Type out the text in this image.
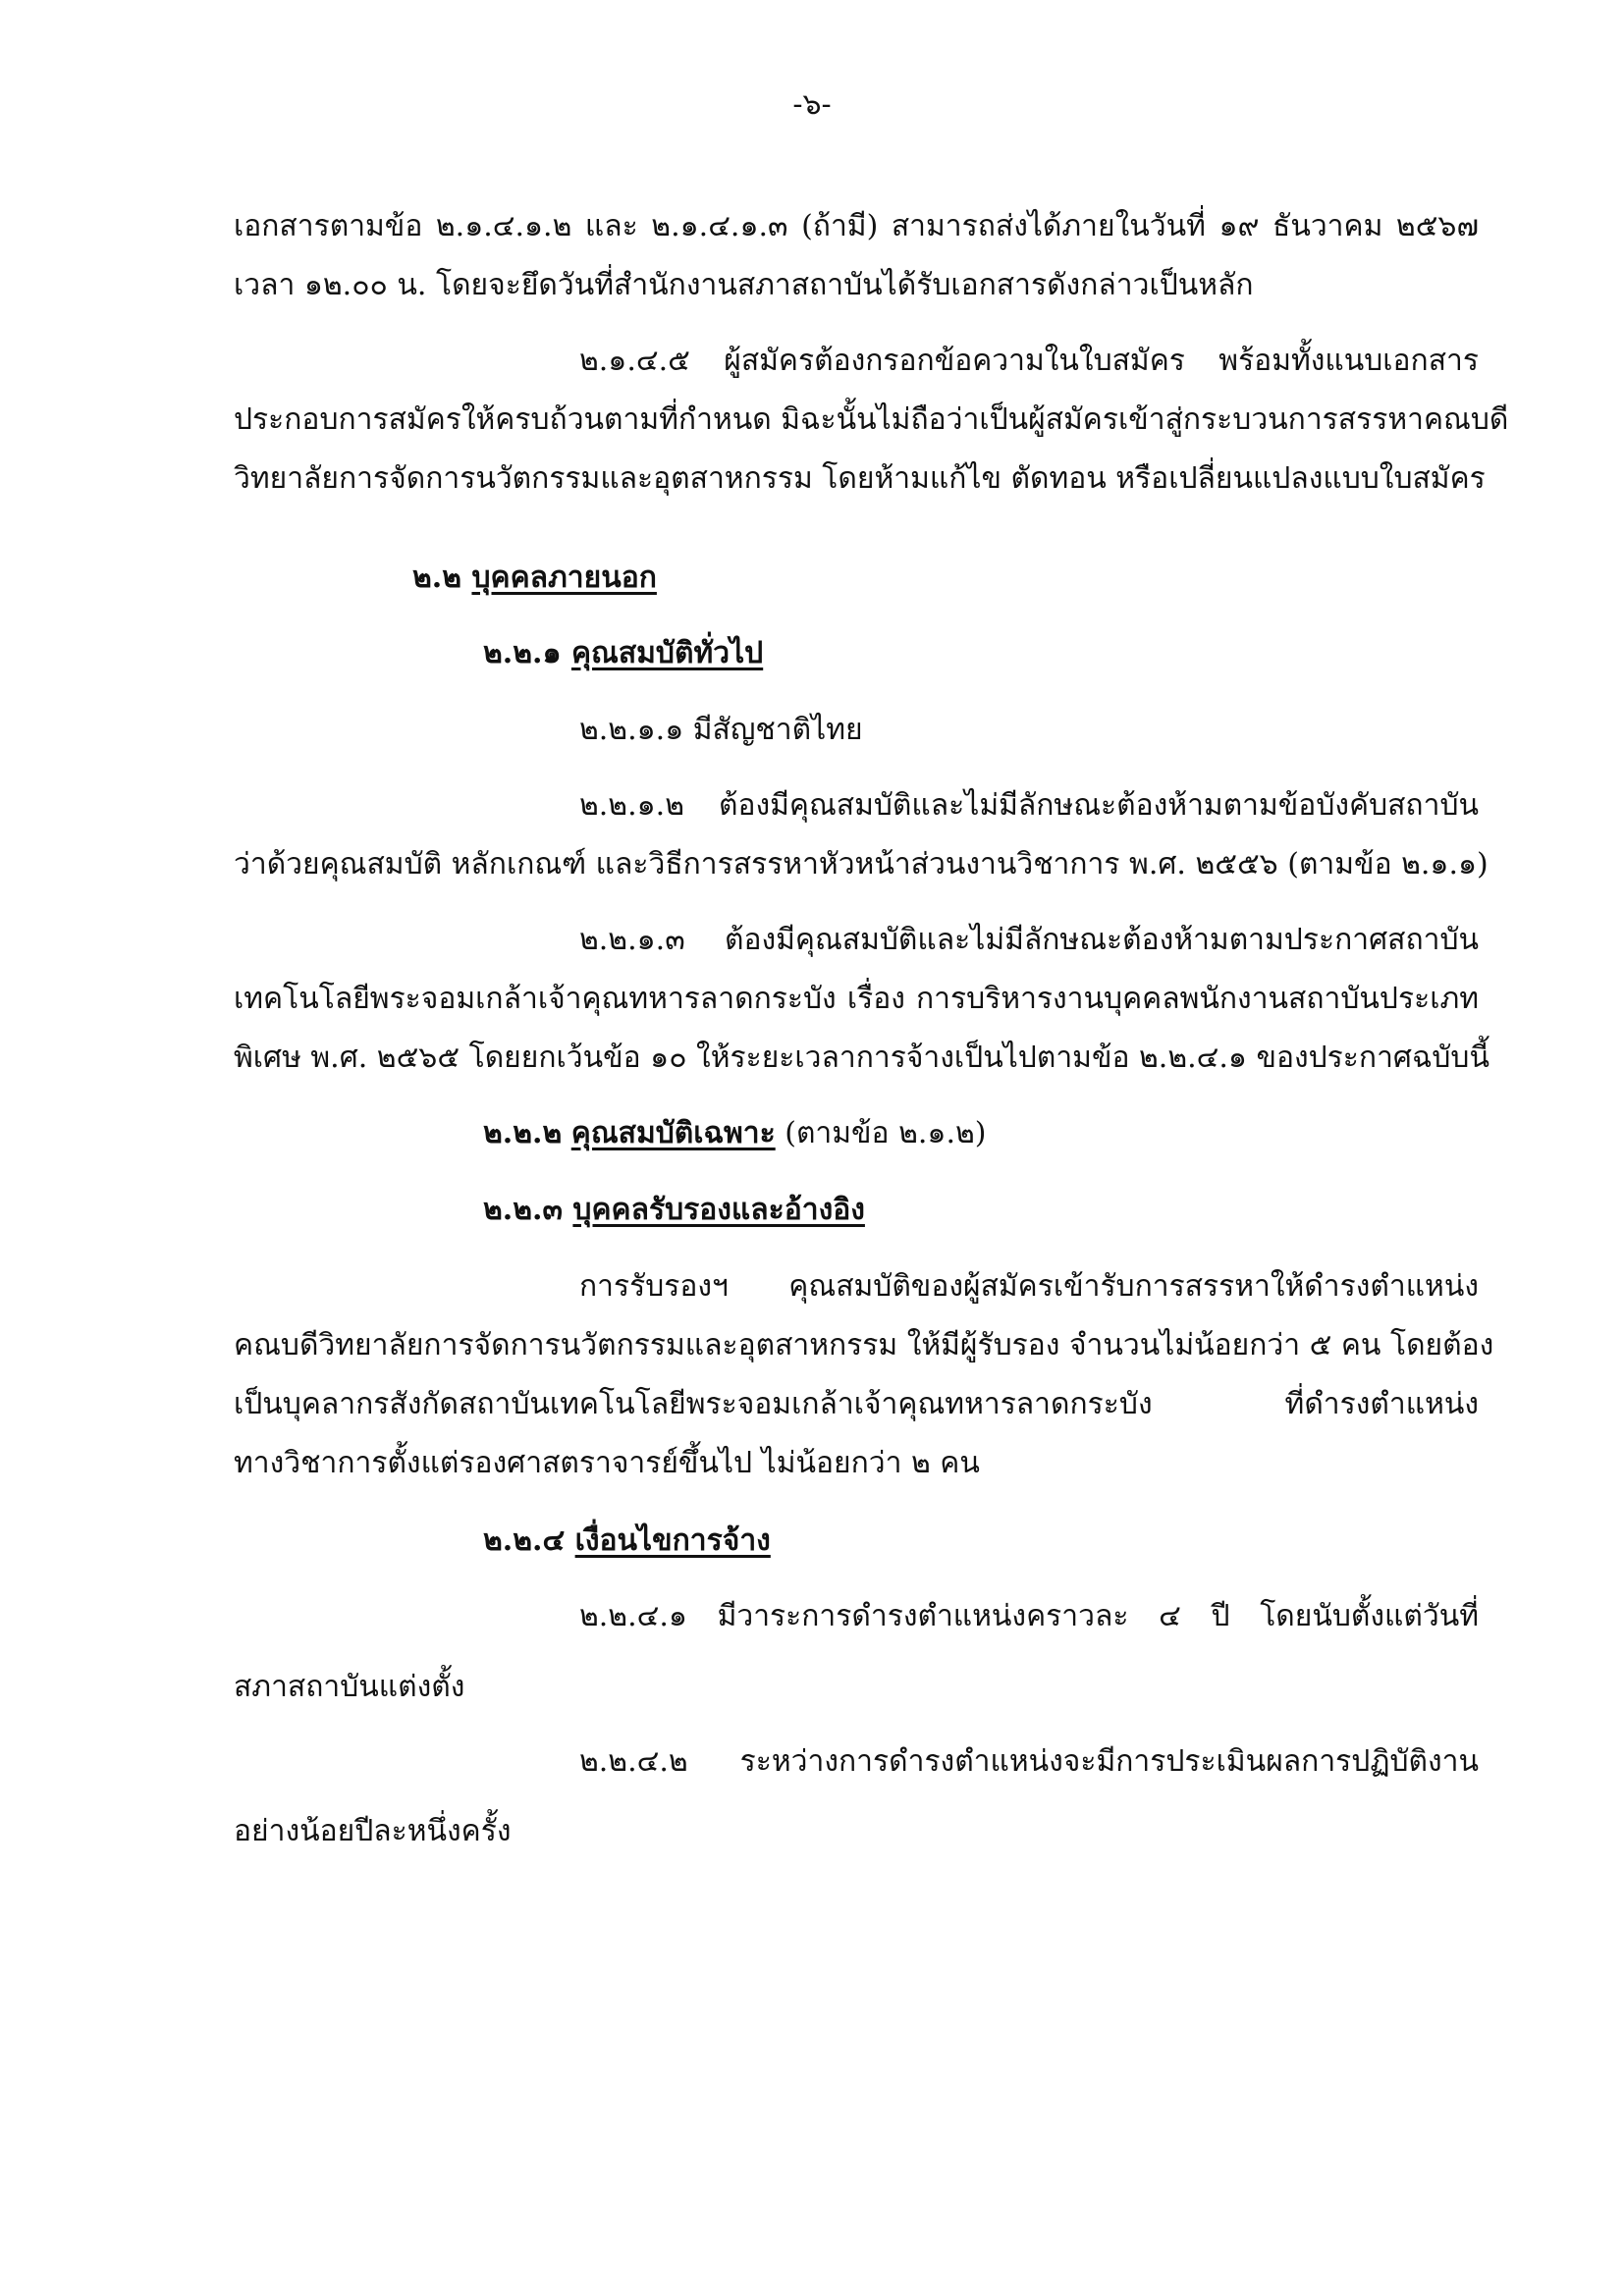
-๖-
เอกสารตามข้อ ๒.๑.๔.๑.๒ และ ๒.๑.๔.๑.๓ (ถ้ามี) สามารถส่งได้ภายในวันที่ ๑๙ ธันวาคม ๒๕๖๗
เวลา ๑๒.๐๐ น. โดยจะยึดวันที่สำนักงานสภาสถาบันได้รับเอกสารดังกล่าวเป็นหลัก
๒.๑.๔.๕ ผู้สมัครต้องกรอกข้อความในใบสมัคร พร้อมทั้งแนบเอกสาร
ประกอบการสมัครให้ครบถ้วนตามที่กำหนด มิฉะนั้นไม่ถือว่าเป็นผู้สมัครเข้าสู่กระบวนการสรรหาคณบดี
วิทยาลัยการจัดการนวัตกรรมและอุตสาหกรรม โดยห้ามแก้ไข ตัดทอน หรือเปลี่ยนแปลงแบบใบสมัคร
๒.๒ บุคคลภายนอก
๒.๒.๑ คุณสมบัติทั่วไป
๒.๒.๑.๑ มีสัญชาติไทย
๒.๒.๑.๒ ต้องมีคุณสมบัติและไม่มีลักษณะต้องห้ามตามข้อบังคับสถาบัน
ว่าด้วยคุณสมบัติ หลักเกณฑ์ และวิธีการสรรหาหัวหน้าส่วนงานวิชาการ พ.ศ. ๒๕๕๖ (ตามข้อ ๒.๑.๑)
๒.๒.๑.๓ ต้องมีคุณสมบัติและไม่มีลักษณะต้องห้ามตามประกาศสถาบัน
เทคโนโลยีพระจอมเกล้าเจ้าคุณทหารลาดกระบัง เรื่อง การบริหารงานบุคคลพนักงานสถาบันประเภท
พิเศษ พ.ศ. ๒๕๖๕ โดยยกเว้นข้อ ๑๐ ให้ระยะเวลาการจ้างเป็นไปตามข้อ ๒.๒.๔.๑ ของประกาศฉบับนี้
๒.๒.๒ คุณสมบัติเฉพาะ (ตามข้อ ๒.๑.๒)
๒.๒.๓ บุคคลรับรองและอ้างอิง
การรับรองฯ คุณสมบัติของผู้สมัครเข้ารับการสรรหาให้ดำรงตำแหน่ง
คณบดีวิทยาลัยการจัดการนวัตกรรมและอุตสาหกรรม ให้มีผู้รับรอง จำนวนไม่น้อยกว่า ๕ คน โดยต้อง
เป็นบุคลากรสังกัดสถาบันเทคโนโลยีพระจอมเกล้าเจ้าคุณทหารลาดกระบัง ที่ดำรงตำแหน่ง
ทางวิชาการตั้งแต่รองศาสตราจารย์ขึ้นไป ไม่น้อยกว่า ๒ คน
๒.๒.๔ เงื่อนไขการจ้าง
๒.๒.๔.๑ มีวาระการดำรงตำแหน่งคราวละ ๔ ปี โดยนับตั้งแต่วันที่
สภาสถาบันแต่งตั้ง
๒.๒.๔.๒ ระหว่างการดำรงตำแหน่งจะมีการประเมินผลการปฏิบัติงาน
อย่างน้อยปีละหนึ่งครั้ง
